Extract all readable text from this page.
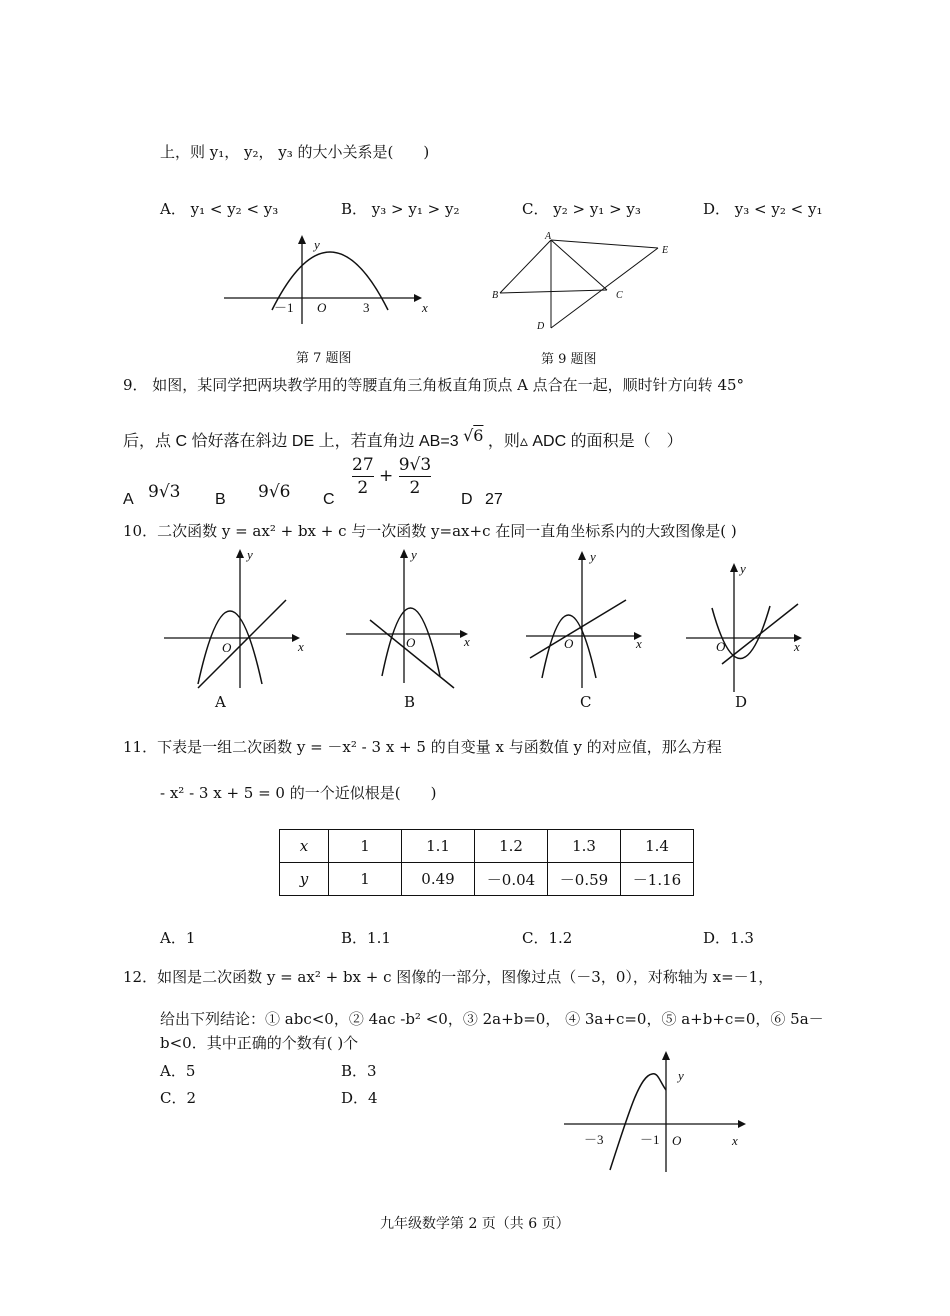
上，则 y₁， y₂， y₃ 的大小关系是(　　)
A． y₁ < y₂ < y₃	B． y₃ > y₁ > y₂	C． y₂ > y₁ > y₃	D． y₃ < y₂ < y₁
y
x
O
－1	3
第 7 题图
A
E
B	C
D
第 9 题图
9． 如图，某同学把两块教学用的等腰直角三角板直角顶点 A 点合在一起，顺时针方向转 45°
后，点 C 恰好落在斜边 DE 上，若直角边 AB=3 √6 ，则▵ ADC 的面积是（　）
A 9√3 B 9√6 C
$\frac{27}{2} + \frac{9√3}{2}$
D 27
10．二次函数 y = ax² + bx + c 与一次函数 y=ax+c 在同一直角坐标系内的大致图像是( )
y
x
O
y
x
O
y
x
O
y
x
O
A	B	C	D
11．下表是一组二次函数 y = －x² - 3 x + 5 的自变量 x 与函数值 y 的对应值，那么方程
- x² - 3 x + 5 = 0 的一个近似根是(　　)
x	1	1.1	1.2	1.3	1.4
y	1	0.49	－0.04	－0.59	－1.16
A．1	B．1.1	C．1.2	D．1.3
12．如图是二次函数 y = ax² + bx + c 图像的一部分，图像过点（－3，0），对称轴为 x=－1，
给出下列结论：① abc<0，② 4ac -b² <0，③ 2a+b=0， ④ 3a+c=0，⑤ a+b+c=0，⑥ 5a－
b<0．其中正确的个数有( )个
A．5	B．3
C．2	D．4
y
x
O
－3	－1
九年级数学第 2 页（共 6 页）
